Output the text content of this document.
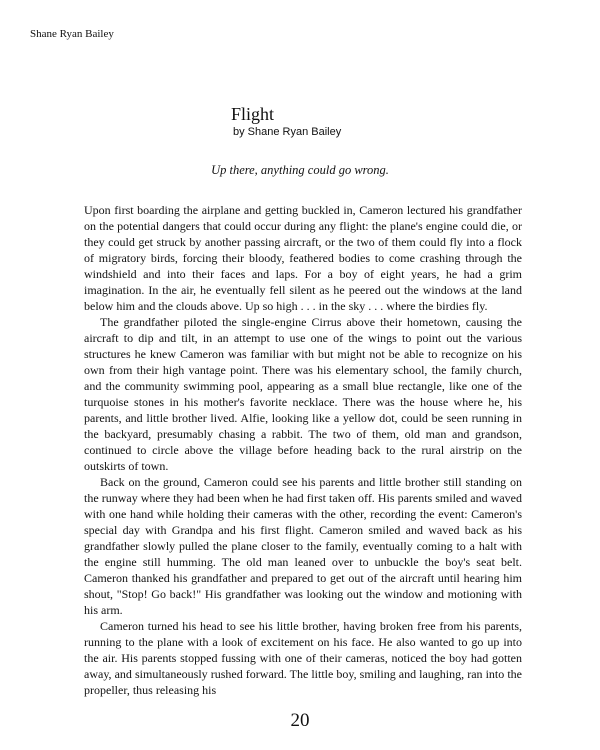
Shane Ryan Bailey
Flight
by Shane Ryan Bailey
Up there, anything could go wrong.

Upon first boarding the airplane and getting buckled in, Cameron lectured his grandfather on the potential dangers that could occur during any flight: the plane's engine could die, or they could get struck by another passing aircraft, or the two of them could fly into a flock of migratory birds, forcing their bloody, feathered bodies to come crashing through the windshield and into their faces and laps. For a boy of eight years, he had a grim imagination. In the air, he eventually fell silent as he peered out the windows at the land below him and the clouds above. Up so high . . . in the sky . . . where the birdies fly.

The grandfather piloted the single-engine Cirrus above their hometown, causing the aircraft to dip and tilt, in an attempt to use one of the wings to point out the various structures he knew Cameron was familiar with but might not be able to recognize on his own from their high vantage point. There was his elementary school, the family church, and the community swimming pool, appearing as a small blue rectangle, like one of the turquoise stones in his mother's favorite necklace. There was the house where he, his parents, and little brother lived. Alfie, looking like a yellow dot, could be seen running in the backyard, presumably chasing a rabbit. The two of them, old man and grandson, continued to circle above the village before heading back to the rural airstrip on the outskirts of town.

Back on the ground, Cameron could see his parents and little brother still standing on the runway where they had been when he had first taken off. His parents smiled and waved with one hand while holding their cameras with the other, recording the event: Cameron's special day with Grandpa and his first flight. Cameron smiled and waved back as his grandfather slowly pulled the plane closer to the family, eventually coming to a halt with the engine still humming. The old man leaned over to unbuckle the boy's seat belt. Cameron thanked his grandfather and prepared to get out of the aircraft until hearing him shout, "Stop! Go back!" His grandfather was looking out the window and motioning with his arm.

Cameron turned his head to see his little brother, having broken free from his parents, running to the plane with a look of excitement on his face. He also wanted to go up into the air. His parents stopped fussing with one of their cameras, noticed the boy had gotten away, and simultaneously rushed forward. The little boy, smiling and laughing, ran into the propeller, thus releasing his

20
